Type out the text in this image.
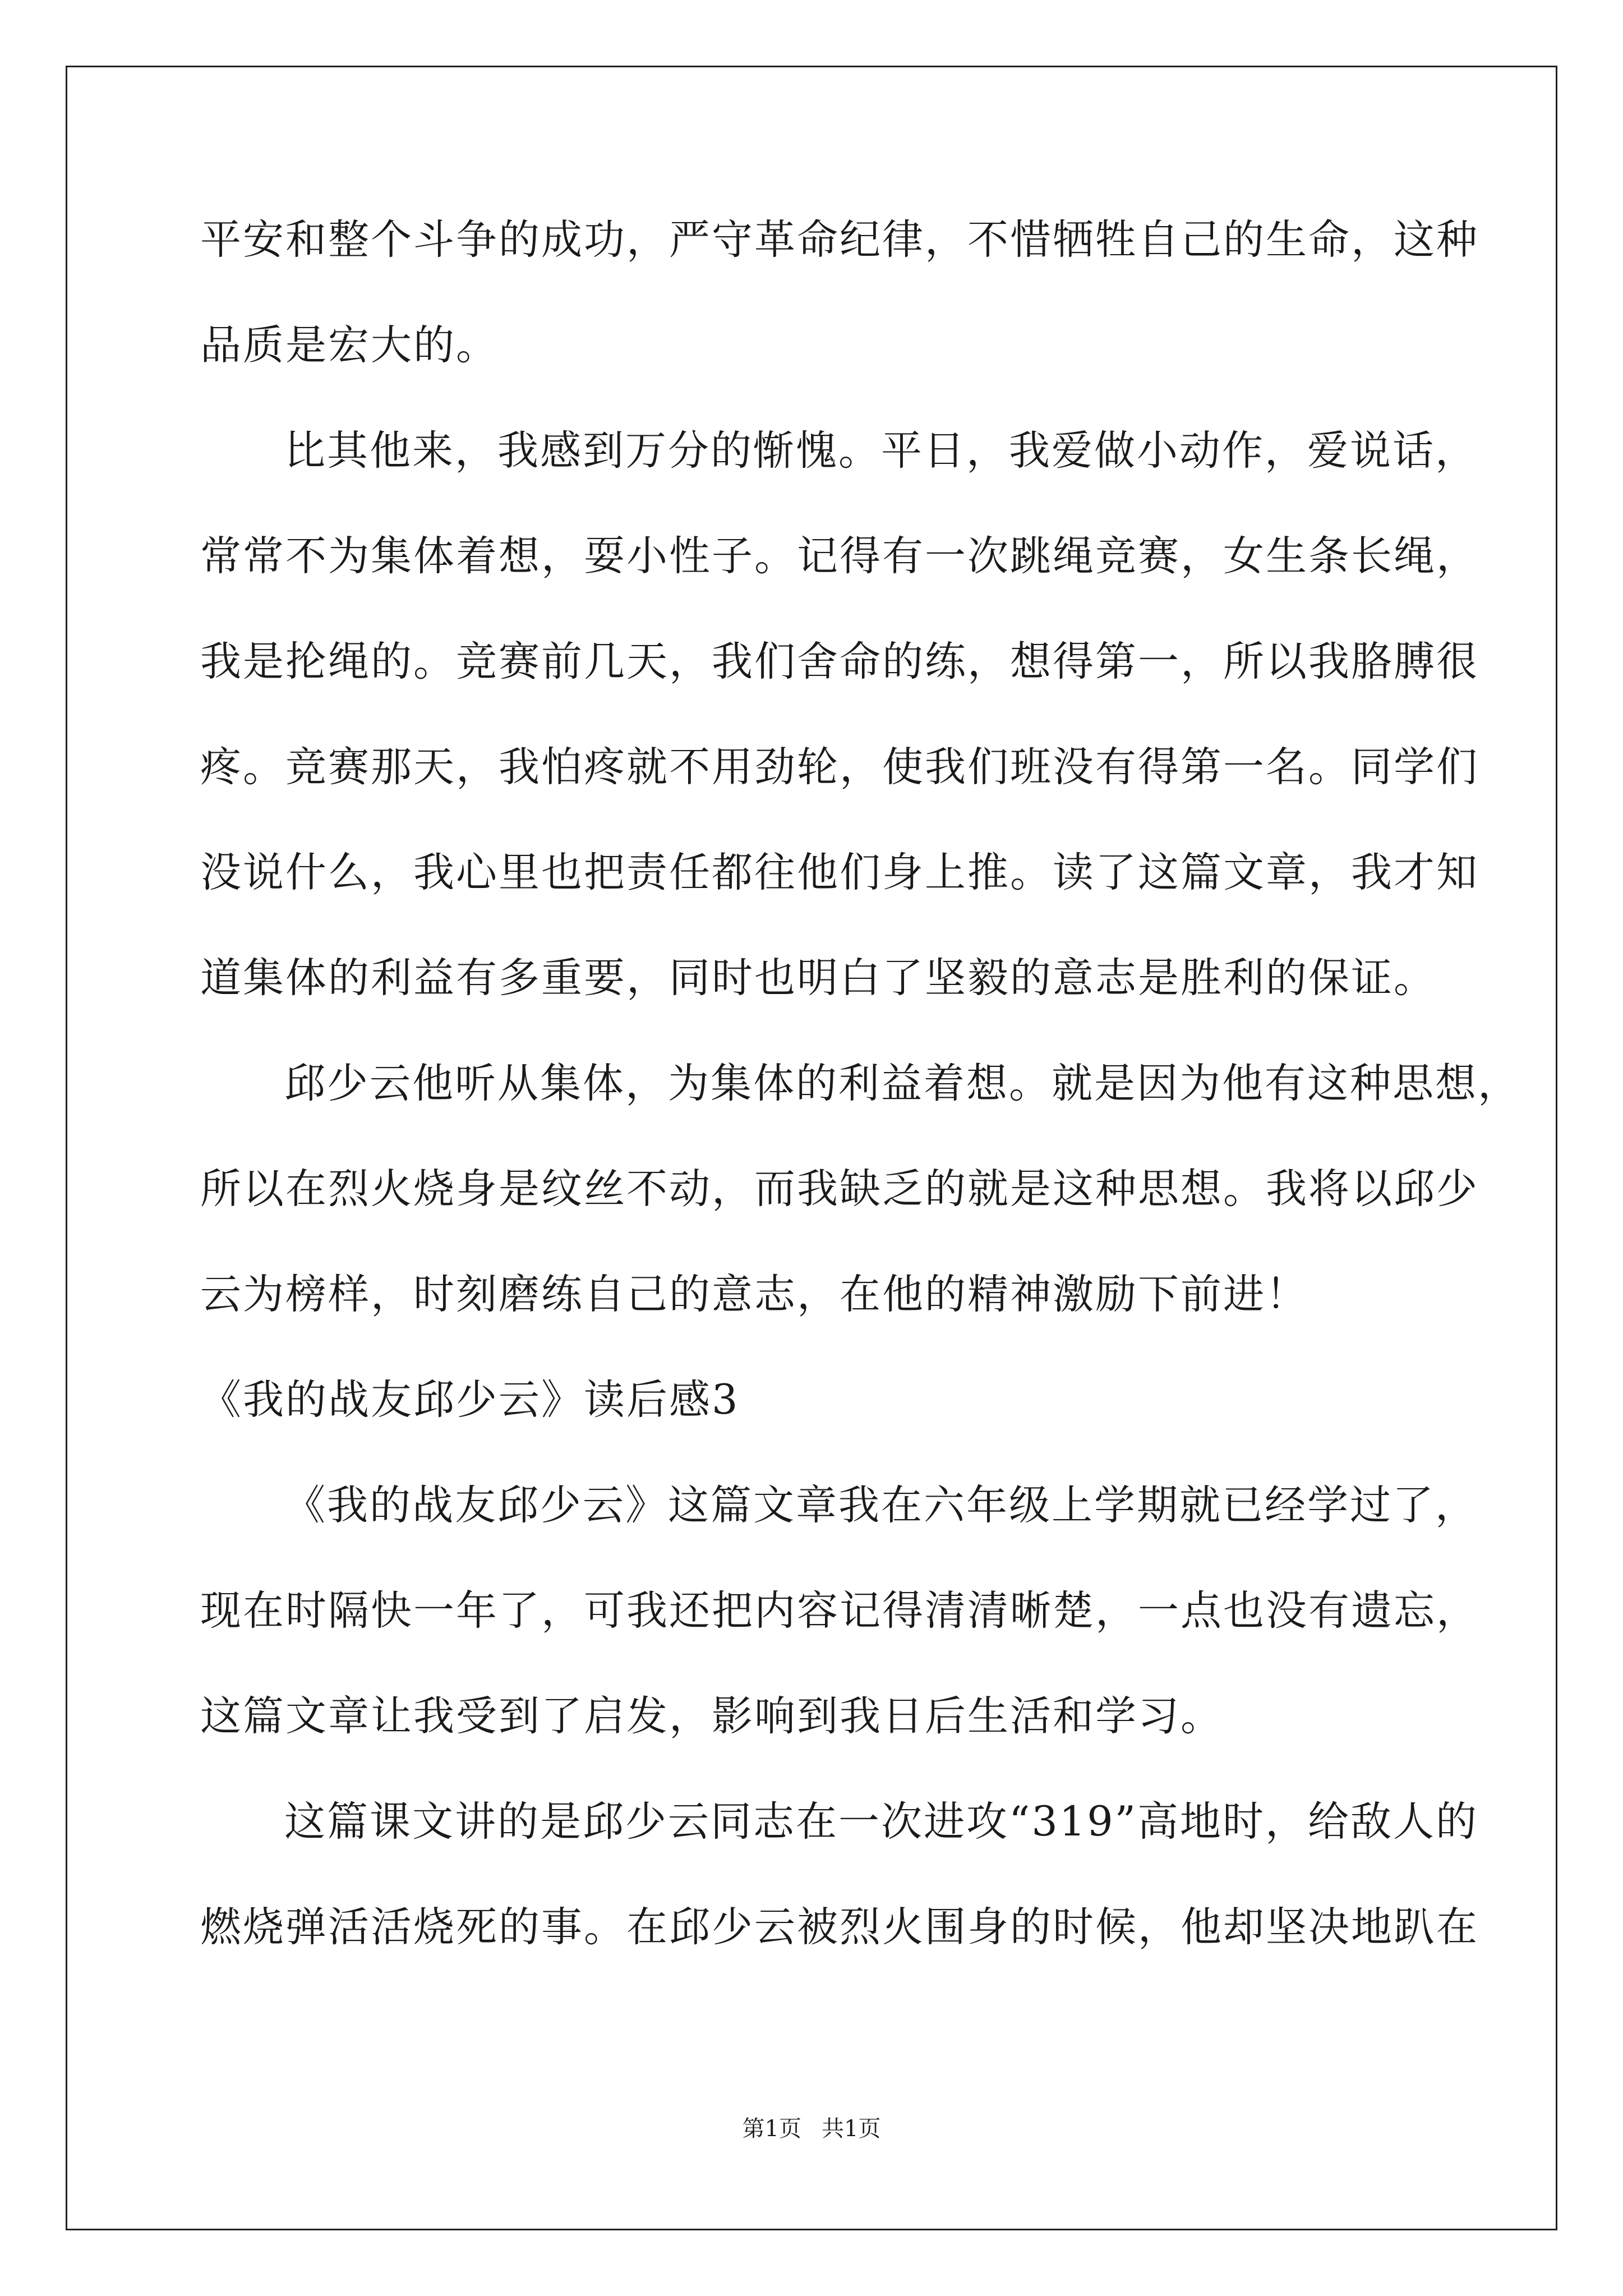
平安和整个斗争的成功，严守革命纪律，不惜牺牲自己的生命，这种
品质是宏大的。
比其他来，我感到万分的惭愧。平日，我爱做小动作，爱说话，
常常不为集体着想，耍小性子。记得有一次跳绳竞赛，女生条长绳，
我是抡绳的。竞赛前几天，我们舍命的练，想得第一，所以我胳膊很
疼。竞赛那天，我怕疼就不用劲轮，使我们班没有得第一名。同学们
没说什么，我心里也把责任都往他们身上推。读了这篇文章，我才知
道集体的利益有多重要，同时也明白了坚毅的意志是胜利的保证。
邱少云他听从集体，为集体的利益着想。就是因为他有这种思想，
所以在烈火烧身是纹丝不动，而我缺乏的就是这种思想。我将以邱少
云为榜样，时刻磨练自己的意志，在他的精神激励下前进！
《我的战友邱少云》读后感3
《我的战友邱少云》这篇文章我在六年级上学期就已经学过了，
现在时隔快一年了，可我还把内容记得清清晰楚，一点也没有遗忘，
这篇文章让我受到了启发，影响到我日后生活和学习。
这篇课文讲的是邱少云同志在一次进攻“319”高地时，给敌人的
燃烧弹活活烧死的事。在邱少云被烈火围身的时候，他却坚决地趴在
第1页 共1页
